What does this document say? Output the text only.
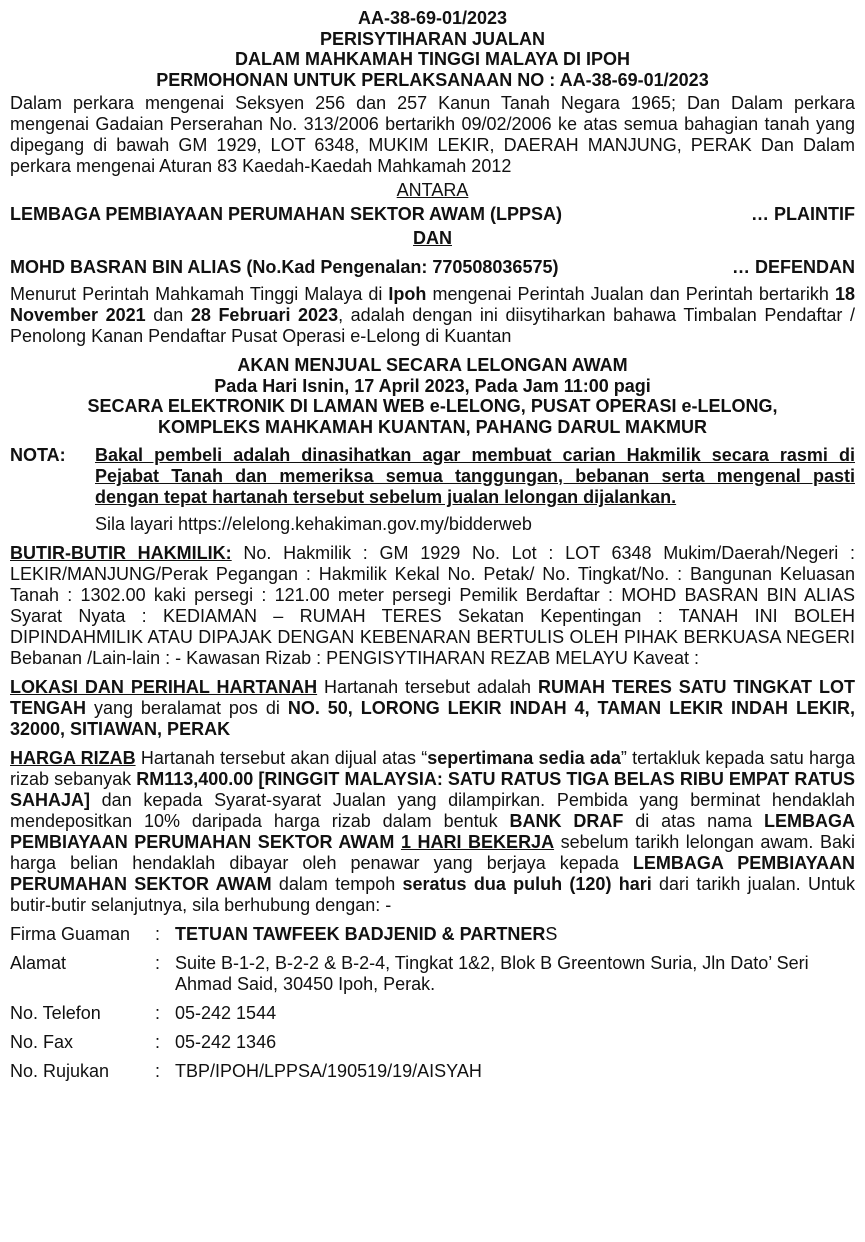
AA-38-69-01/2023
PERISYTIHARAN JUALAN
DALAM MAHKAMAH TINGGI MALAYA DI IPOH
PERMOHONAN UNTUK PERLAKSANAAN NO : AA-38-69-01/2023

Dalam perkara mengenai Seksyen 256 dan 257 Kanun Tanah Negara 1965; Dan Dalam perkara mengenai Gadaian Perserahan No. 313/2006 bertarikh 09/02/2006 ke atas semua bahagian tanah yang dipegang di bawah GM 1929, LOT 6348, MUKIM LEKIR, DAERAH MANJUNG, PERAK Dan Dalam perkara mengenai Aturan 83 Kaedah-Kaedah Mahkamah 2012

ANTARA
LEMBAGA PEMBIAYAAN PERUMAHAN SEKTOR AWAM (LPPSA)	… PLAINTIF
DAN
MOHD BASRAN BIN ALIAS (No.Kad Pengenalan: 770508036575)	… DEFENDAN

Menurut Perintah Mahkamah Tinggi Malaya di Ipoh mengenai Perintah Jualan dan Perintah bertarikh 18 November 2021 dan 28 Februari 2023, adalah dengan ini diisytiharkan bahawa Timbalan Pendaftar / Penolong Kanan Pendaftar Pusat Operasi e-Lelong di Kuantan

AKAN MENJUAL SECARA LELONGAN AWAM
Pada Hari Isnin, 17 April 2023, Pada Jam 11:00 pagi
SECARA ELEKTRONIK DI LAMAN WEB e-LELONG, PUSAT OPERASI e-LELONG,
KOMPLEKS MAHKAMAH KUANTAN, PAHANG DARUL MAKMUR
NOTA:	Bakal pembeli adalah dinasihatkan agar membuat carian Hakmilik secara rasmi di Pejabat Tanah dan memeriksa semua tanggungan, bebanan serta mengenal pasti dengan tepat hartanah tersebut sebelum jualan lelongan dijalankan.
Sila layari https://elelong.kehakiman.gov.my/bidderweb

BUTIR-BUTIR HAKMILIK: No. Hakmilik : GM 1929 No. Lot : LOT 6348 Mukim/Daerah/Negeri : LEKIR/MANJUNG/Perak Pegangan : Hakmilik Kekal No. Petak/ No. Tingkat/No. : Bangunan Keluasan Tanah : 1302.00 kaki persegi : 121.00 meter persegi Pemilik Berdaftar : MOHD BASRAN BIN ALIAS Syarat Nyata : KEDIAMAN – RUMAH TERES Sekatan Kepentingan : TANAH INI BOLEH DIPINDAHMILIK ATAU DIPAJAK DENGAN KEBENARAN BERTULIS OLEH PIHAK BERKUASA NEGERI Bebanan /Lain-lain : - Kawasan Rizab : PENGISYTIHARAN REZAB MELAYU Kaveat :

LOKASI DAN PERIHAL HARTANAH Hartanah tersebut adalah RUMAH TERES SATU TINGKAT LOT TENGAH yang beralamat pos di NO. 50, LORONG LEKIR INDAH 4, TAMAN LEKIR INDAH LEKIR, 32000, SITIAWAN, PERAK

HARGA RIZAB Hartanah tersebut akan dijual atas “sepertimana sedia ada” tertakluk kepada satu harga rizab sebanyak RM113,400.00 [RINGGIT MALAYSIA: SATU RATUS TIGA BELAS RIBU EMPAT RATUS SAHAJA] dan kepada Syarat-syarat Jualan yang dilampirkan. Pembida yang berminat hendaklah mendepositkan 10% daripada harga rizab dalam bentuk BANK DRAF di atas nama LEMBAGA PEMBIAYAAN PERUMAHAN SEKTOR AWAM 1 HARI BEKERJA sebelum tarikh lelongan awam. Baki harga belian hendaklah dibayar oleh penawar yang berjaya kepada LEMBAGA PEMBIAYAAN PERUMAHAN SEKTOR AWAM dalam tempoh seratus dua puluh (120) hari dari tarikh jualan. Untuk butir-butir selanjutnya, sila berhubung dengan: -

Firma Guaman	: TETUAN TAWFEEK BADJENID & PARTNERS
Alamat	: Suite B-1-2, B-2-2 & B-2-4, Tingkat 1&2, Blok B Greentown Suria, Jln Dato’ Seri Ahmad Said, 30450 Ipoh, Perak.
No. Telefon	: 05-242 1544
No. Fax	: 05-242 1346
No. Rujukan	: TBP/IPOH/LPPSA/190519/19/AISYAH
